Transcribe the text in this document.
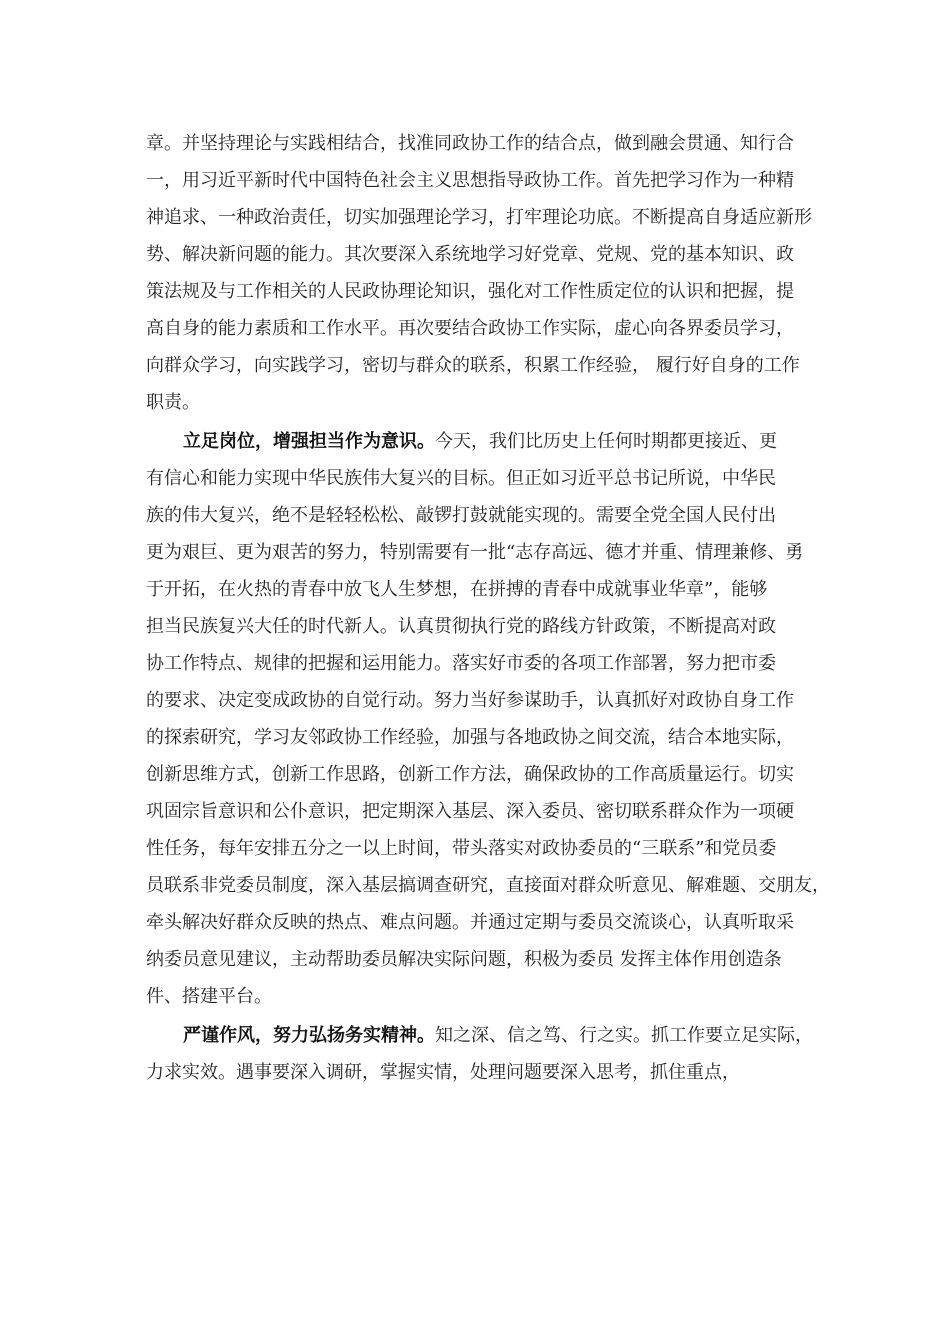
章。并坚持理论与实践相结合，找准同政协工作的结合点，做到融会贯通、知行合
一，用习近平新时代中国特色社会主义思想指导政协工作。首先把学习作为一种精
神追求、一种政治责任，切实加强理论学习，打牢理论功底。不断提高自身适应新形
势、解决新问题的能力。其次要深入系统地学习好党章、党规、党的基本知识、政
策法规及与工作相关的人民政协理论知识，强化对工作性质定位的认识和把握，提
高自身的能力素质和工作水平。再次要结合政协工作实际，虚心向各界委员学习，
向群众学习，向实践学习，密切与群众的联系，积累工作经验， 履行好自身的工作
职责。
立足岗位，增强担当作为意识。今天，我们比历史上任何时期都更接近、更
有信心和能力实现中华民族伟大复兴的目标。但正如习近平总书记所说，中华民
族的伟大复兴，绝不是轻轻松松、敲锣打鼓就能实现的。需要全党全国人民付出
更为艰巨、更为艰苦的努力，特别需要有一批“志存高远、德才并重、情理兼修、勇
于开拓，在火热的青春中放飞人生梦想，在拼搏的青春中成就事业华章”，能够
担当民族复兴大任的时代新人。认真贯彻执行党的路线方针政策，不断提高对政
协工作特点、规律的把握和运用能力。落实好市委的各项工作部署，努力把市委
的要求、决定变成政协的自觉行动。努力当好参谋助手，认真抓好对政协自身工作
的探索研究，学习友邻政协工作经验，加强与各地政协之间交流，结合本地实际，
创新思维方式，创新工作思路，创新工作方法，确保政协的工作高质量运行。切实
巩固宗旨意识和公仆意识，把定期深入基层、深入委员、密切联系群众作为一项硬
性任务，每年安排五分之一以上时间，带头落实对政协委员的“三联系”和党员委
员联系非党委员制度，深入基层搞调查研究，直接面对群众听意见、解难题、交朋友，
牵头解决好群众反映的热点、难点问题。并通过定期与委员交流谈心，认真听取采
纳委员意见建议，主动帮助委员解决实际问题，积极为委员 发挥主体作用创造条
件、搭建平台。
严谨作风，努力弘扬务实精神。知之深、信之笃、行之实。抓工作要立足实际，
力求实效。遇事要深入调研，掌握实情，处理问题要深入思考，抓住重点，
